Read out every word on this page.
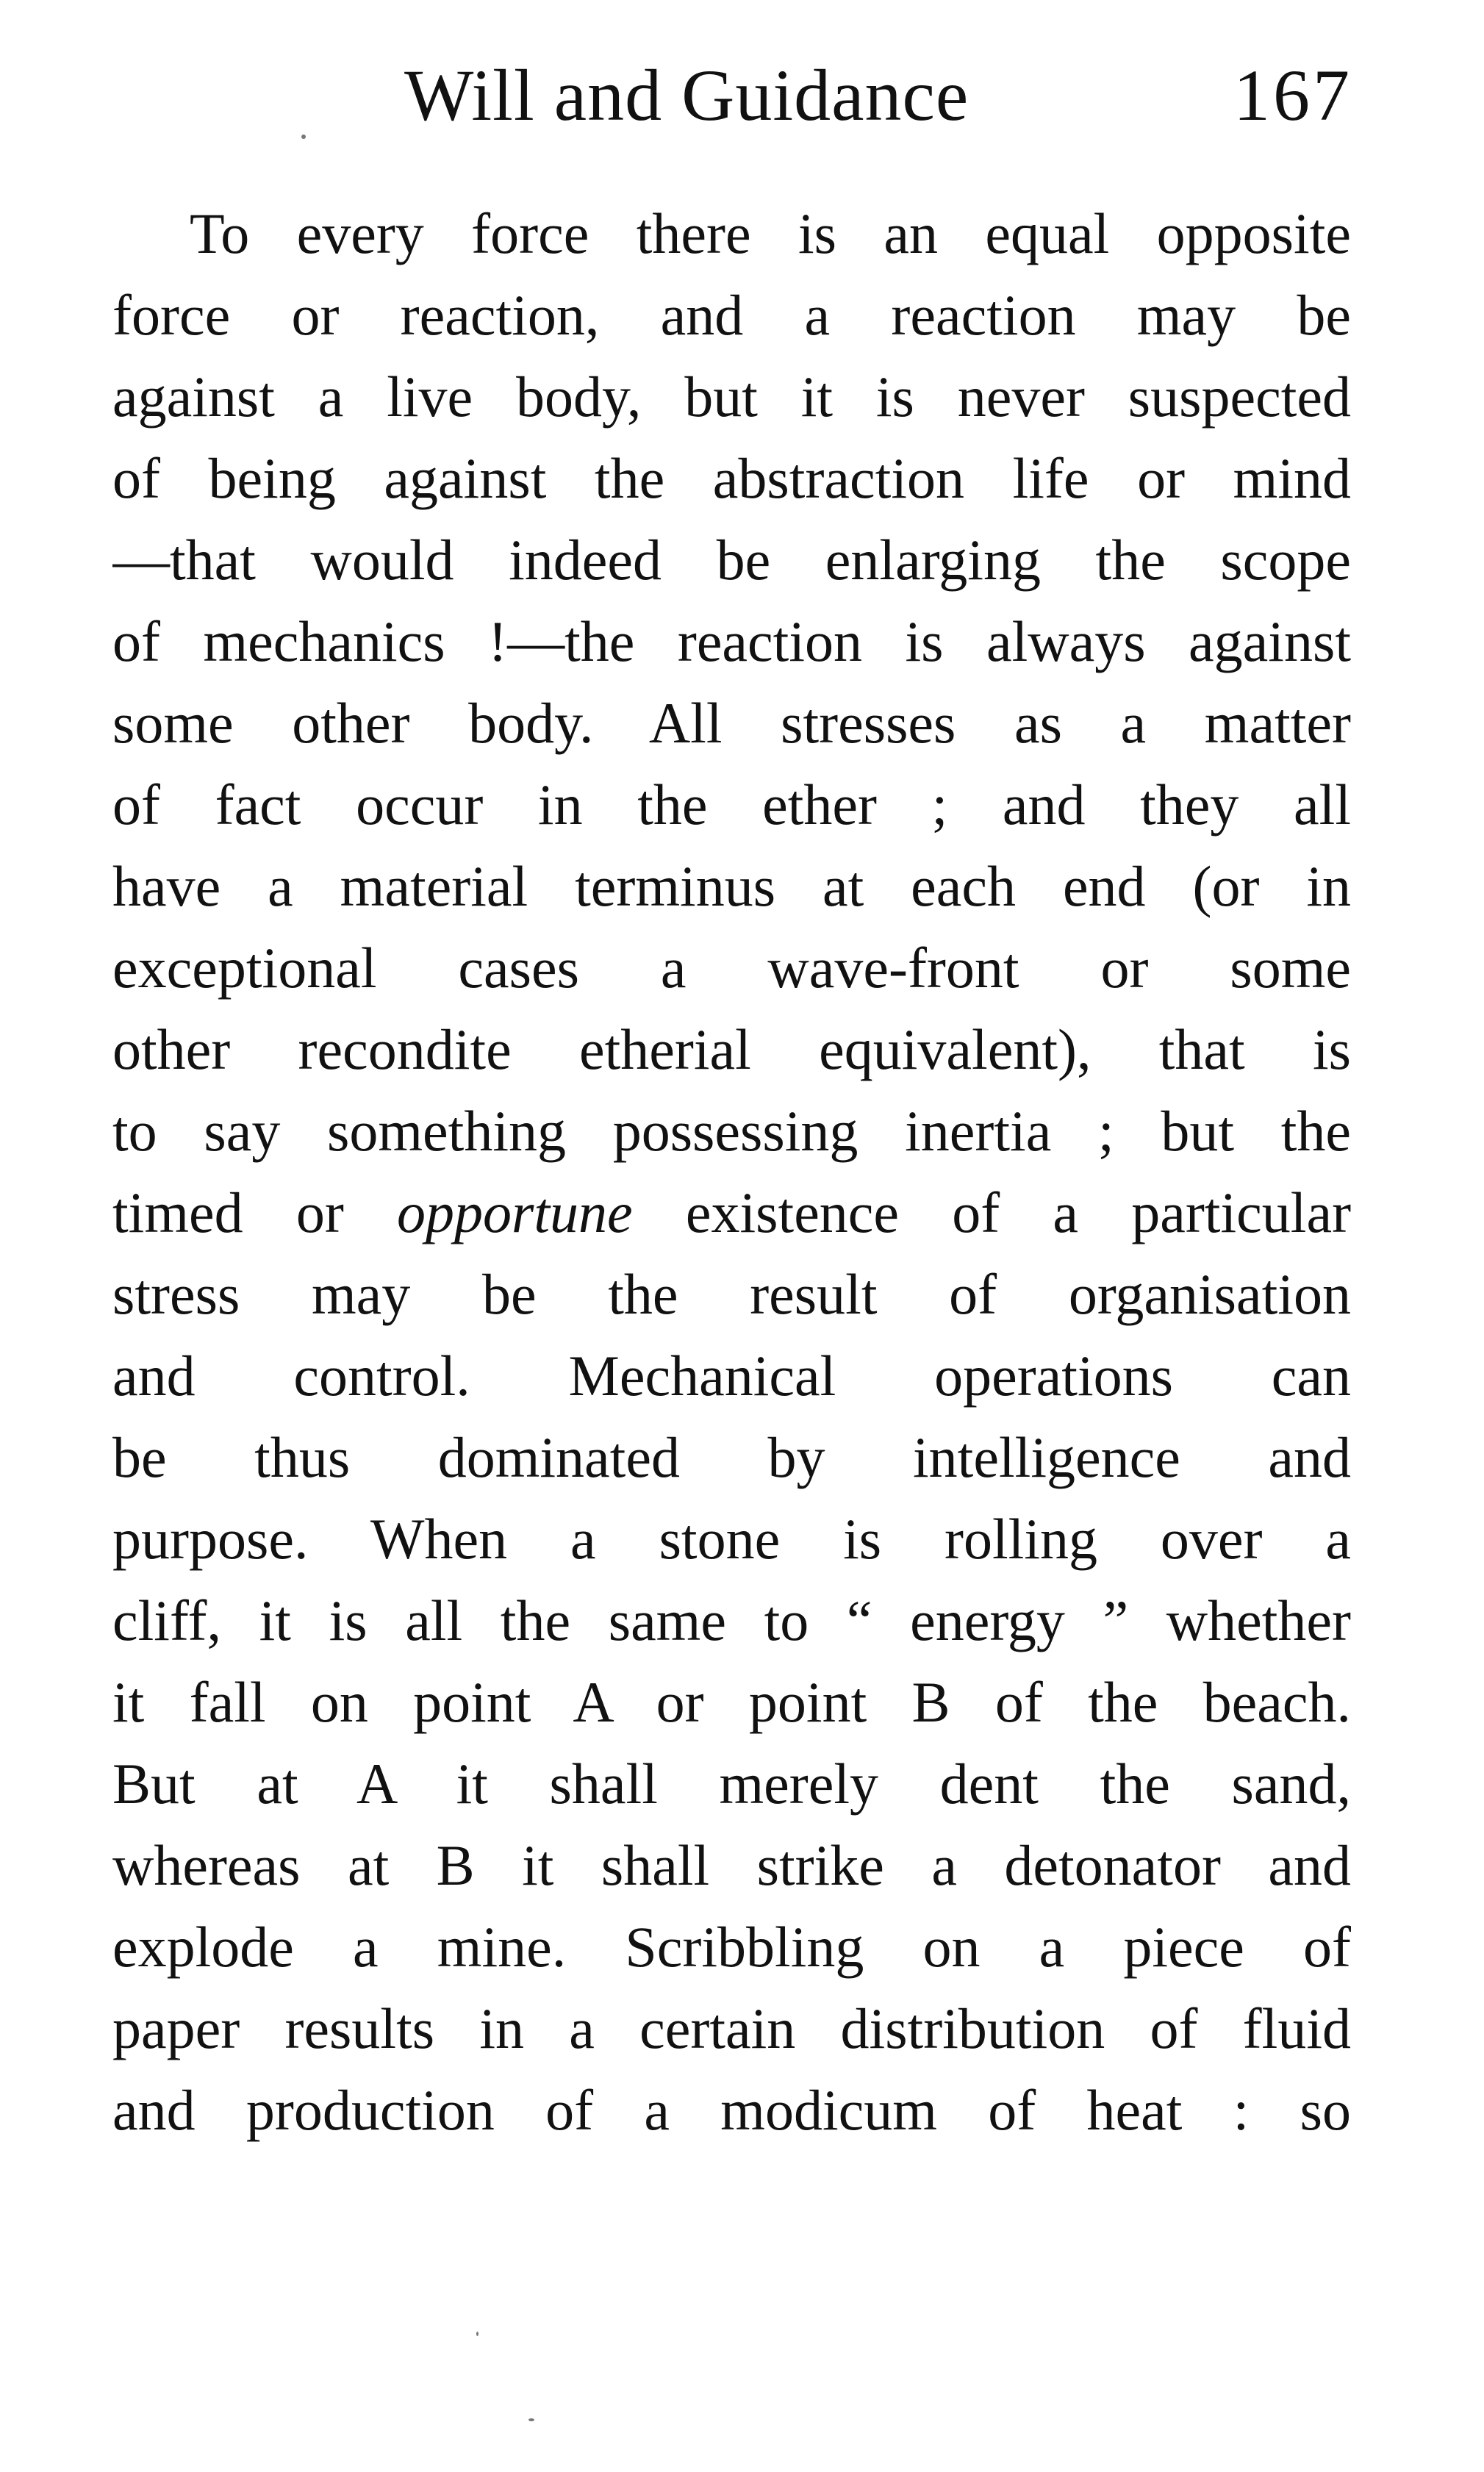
Will and Guidance	167
To every force there is an equal opposite
force or reaction, and a reaction may be
against a live body, but it is never suspected
of being against the abstraction life or mind
—that would indeed be enlarging the scope
of mechanics !—the reaction is always against
some other body. All stresses as a matter
of fact occur in the ether ; and they all
have a material terminus at each end (or in
exceptional cases a wave-front or some
other recondite etherial equivalent), that is
to say something possessing inertia ; but the
timed or opportune existence of a particular
stress may be the result of organisation
and control. Mechanical operations can
be thus dominated by intelligence and
purpose. When a stone is rolling over a
cliff, it is all the same to “ energy ” whether
it fall on point A or point B of the beach.
But at A it shall merely dent the sand,
whereas at B it shall strike a detonator and
explode a mine. Scribbling on a piece of
paper results in a certain distribution of fluid
and production of a modicum of heat : so
